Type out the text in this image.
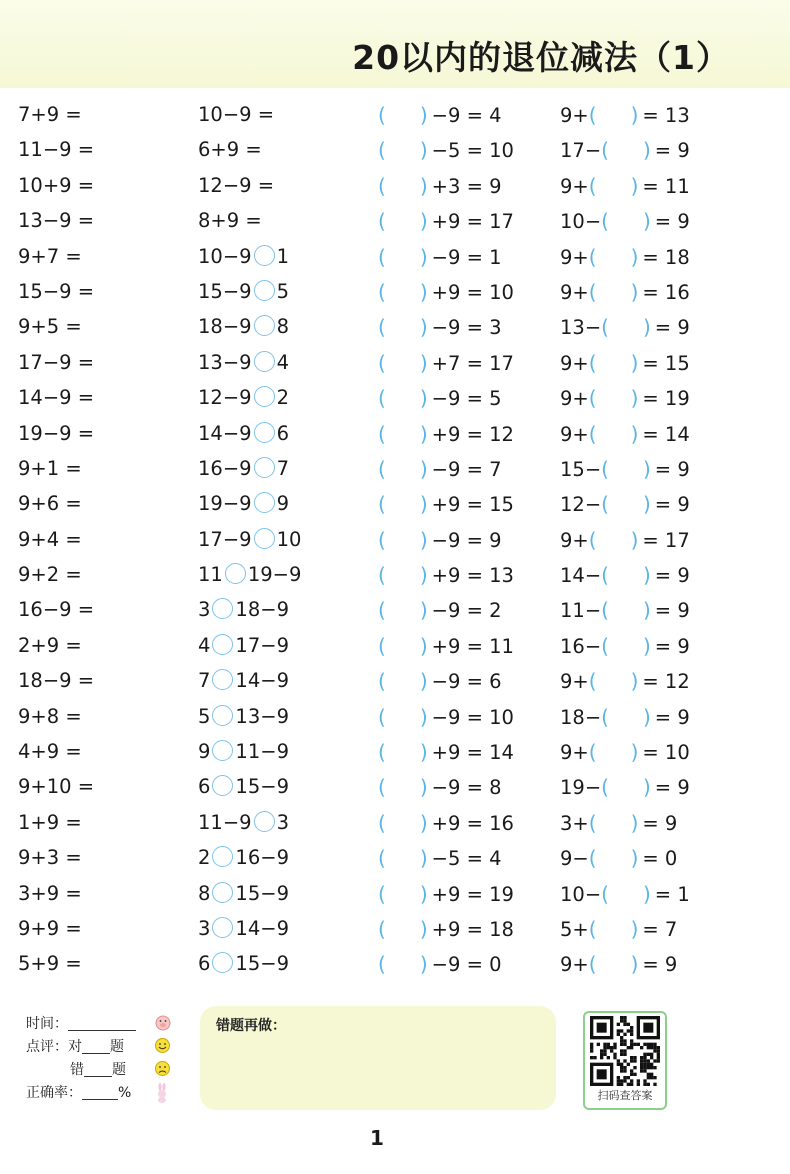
20以内的退位减法（1）
7+9 =	10−9 =	( ) −9 = 4	9+( ) = 13
11−9 =	6+9 =	( ) −5 = 10 17−( ) = 9
10+9 =	12−9 =	( ) +3 = 9	9+( ) = 11
13−9 =	8+9 =	( ) +9 = 17 10−( ) = 9
9+7 =	10−9 1	( ) −9 = 1	9+( ) = 18
15−9 =	15−9 5	( ) +9 = 10 9+( ) = 16
9+5 =	18−9 8	( ) −9 = 3	13−( ) = 9
17−9 =	13−9 4	( ) +7 = 17 9+( ) = 15
14−9 =	12−9 2	( ) −9 = 5	9+( ) = 19
19−9 =	14−9 6	( ) +9 = 12 9+( ) = 14
9+1 =	16−9 7	( ) −9 = 7	15−( ) = 9
9+6 =	19−9 9	( ) +9 = 15 12−( ) = 9
9+4 =	17−9 10	( ) −9 = 9	9+( ) = 17
9+2 =	11 19−9	( ) +9 = 13 14−( ) = 9
16−9 =	3 18−9	( ) −9 = 2	11−( ) = 9
2+9 =	4 17−9	( ) +9 = 11 16−( ) = 9
18−9 =	7 14−9	( ) −9 = 6	9+( ) = 12
9+8 =	5 13−9	( ) −9 = 10 18−( ) = 9
4+9 =	9 11−9	( ) +9 = 14 9+( ) = 10
9+10 =	6 15−9	( ) −9 = 8	19−( ) = 9
1+9 =	11−9 3	( ) +9 = 16 3+( ) = 9
9+3 =	2 16−9	( ) −5 = 4	9−( ) = 0
3+9 =	8 15−9	( ) +9 = 19 10−( ) = 1
9+9 =	3 14−9	( ) +9 = 18 5+( ) = 7
5+9 =	6 15−9	( ) −9 = 0	9+( ) = 9
时间：
点评：对 题
错 题
正确率：	%
错题再做：
扫码查答案
1
